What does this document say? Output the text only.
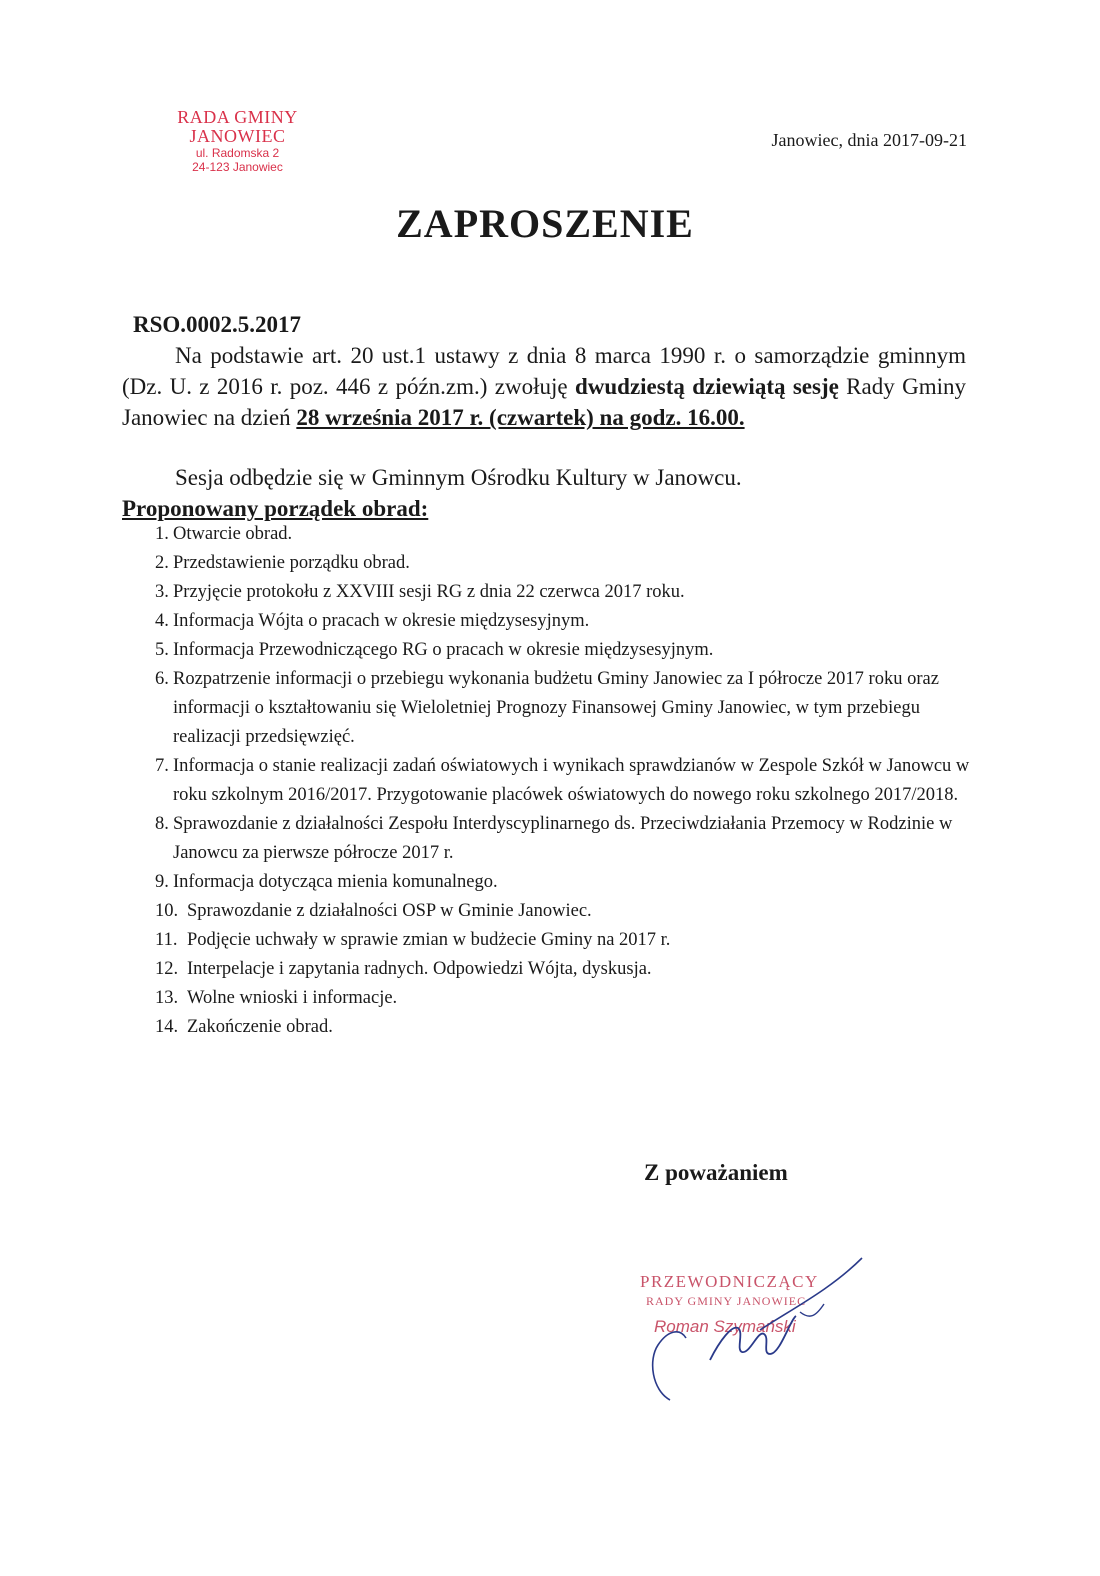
RADA GMINY
JANOWIEC
ul. Radomska 2
24-123 Janowiec
Janowiec, dnia 2017-09-21
ZAPROSZENIE
RSO.0002.5.2017

Na podstawie art. 20 ust.1 ustawy z dnia 8 marca 1990 r. o samorządzie gminnym (Dz. U. z 2016 r. poz. 446 z późn.zm.) zwołuję dwudziestą dziewiątą sesję Rady Gminy Janowiec na dzień 28 września 2017 r. (czwartek) na godz. 16.00.

Sesja odbędzie się w Gminnym Ośrodku Kultury w Janowcu.
Proponowany porządek obrad:
1. Otwarcie obrad.
2. Przedstawienie porządku obrad.
3. Przyjęcie protokołu z XXVIII sesji RG z dnia 22 czerwca 2017 roku.
4. Informacja Wójta o pracach w okresie międzysesyjnym.
5. Informacja Przewodniczącego RG o pracach w okresie międzysesyjnym.
6. Rozpatrzenie informacji o przebiegu wykonania budżetu Gminy Janowiec za I półrocze 2017 roku oraz informacji o kształtowaniu się Wieloletniej Prognozy Finansowej Gminy Janowiec, w tym przebiegu realizacji przedsięwzięć.
7. Informacja o stanie realizacji zadań oświatowych i wynikach sprawdzianów w Zespole Szkół w Janowcu w roku szkolnym 2016/2017. Przygotowanie placówek oświatowych do nowego roku szkolnego 2017/2018.
8. Sprawozdanie z działalności Zespołu Interdyscyplinarnego ds. Przeciwdziałania Przemocy w Rodzinie w Janowcu za pierwsze półrocze 2017 r.
9. Informacja dotycząca mienia komunalnego.
10. Sprawozdanie z działalności OSP w Gminie Janowiec.
11. Podjęcie uchwały w sprawie zmian w budżecie Gminy na 2017 r.
12. Interpelacje i zapytania radnych. Odpowiedzi Wójta, dyskusja.
13. Wolne wnioski i informacje.
14. Zakończenie obrad.
Z poważaniem
PRZEWODNICZĄCY
RADY GMINY JANOWIEC
Roman Szymański
